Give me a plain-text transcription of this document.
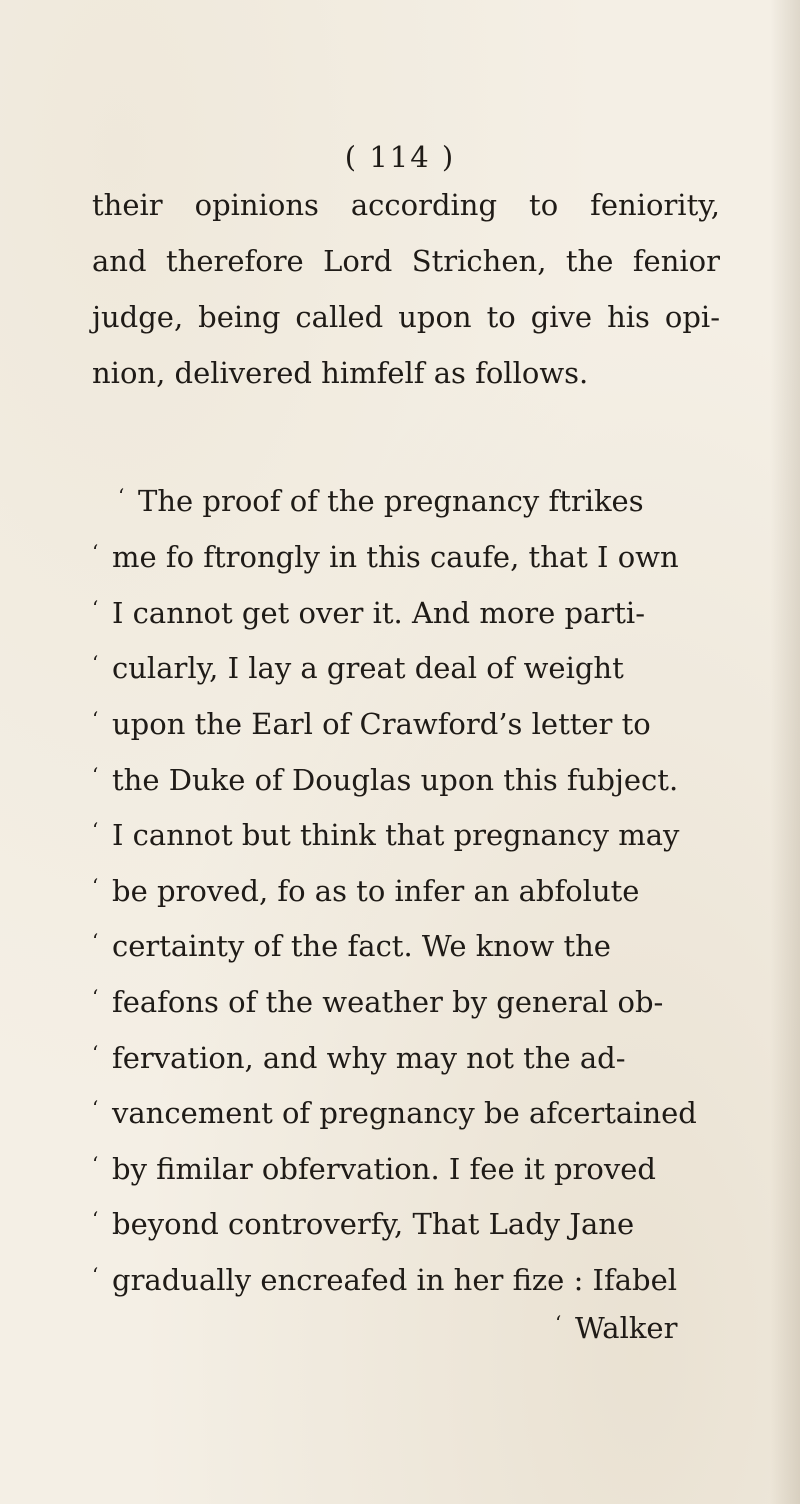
( 114 )
their opinions according to feniority,
and therefore Lord Strichen, the fenior
judge, being called upon to give his opi-
nion, delivered himfelf as follows.
‘ The proof of the pregnancy ftrikes
‘ me fo ftrongly in this caufe, that I own
‘ I cannot get over it. And more parti-
‘ cularly, I lay a great deal of weight
‘ upon the Earl of Crawford’s letter to
‘ the Duke of Douglas upon this fubject.
‘ I cannot but think that pregnancy may
‘ be proved, fo as to infer an abfolute
‘ certainty of the fact. We know the
‘ feafons of the weather by general ob-
‘ fervation, and why may not the ad-
‘ vancement of pregnancy be afcertained
‘ by fimilar obfervation. I fee it proved
‘ beyond controverfy, That Lady Jane
‘ gradually encreafed in her fize : Ifabel
‘ Walker
